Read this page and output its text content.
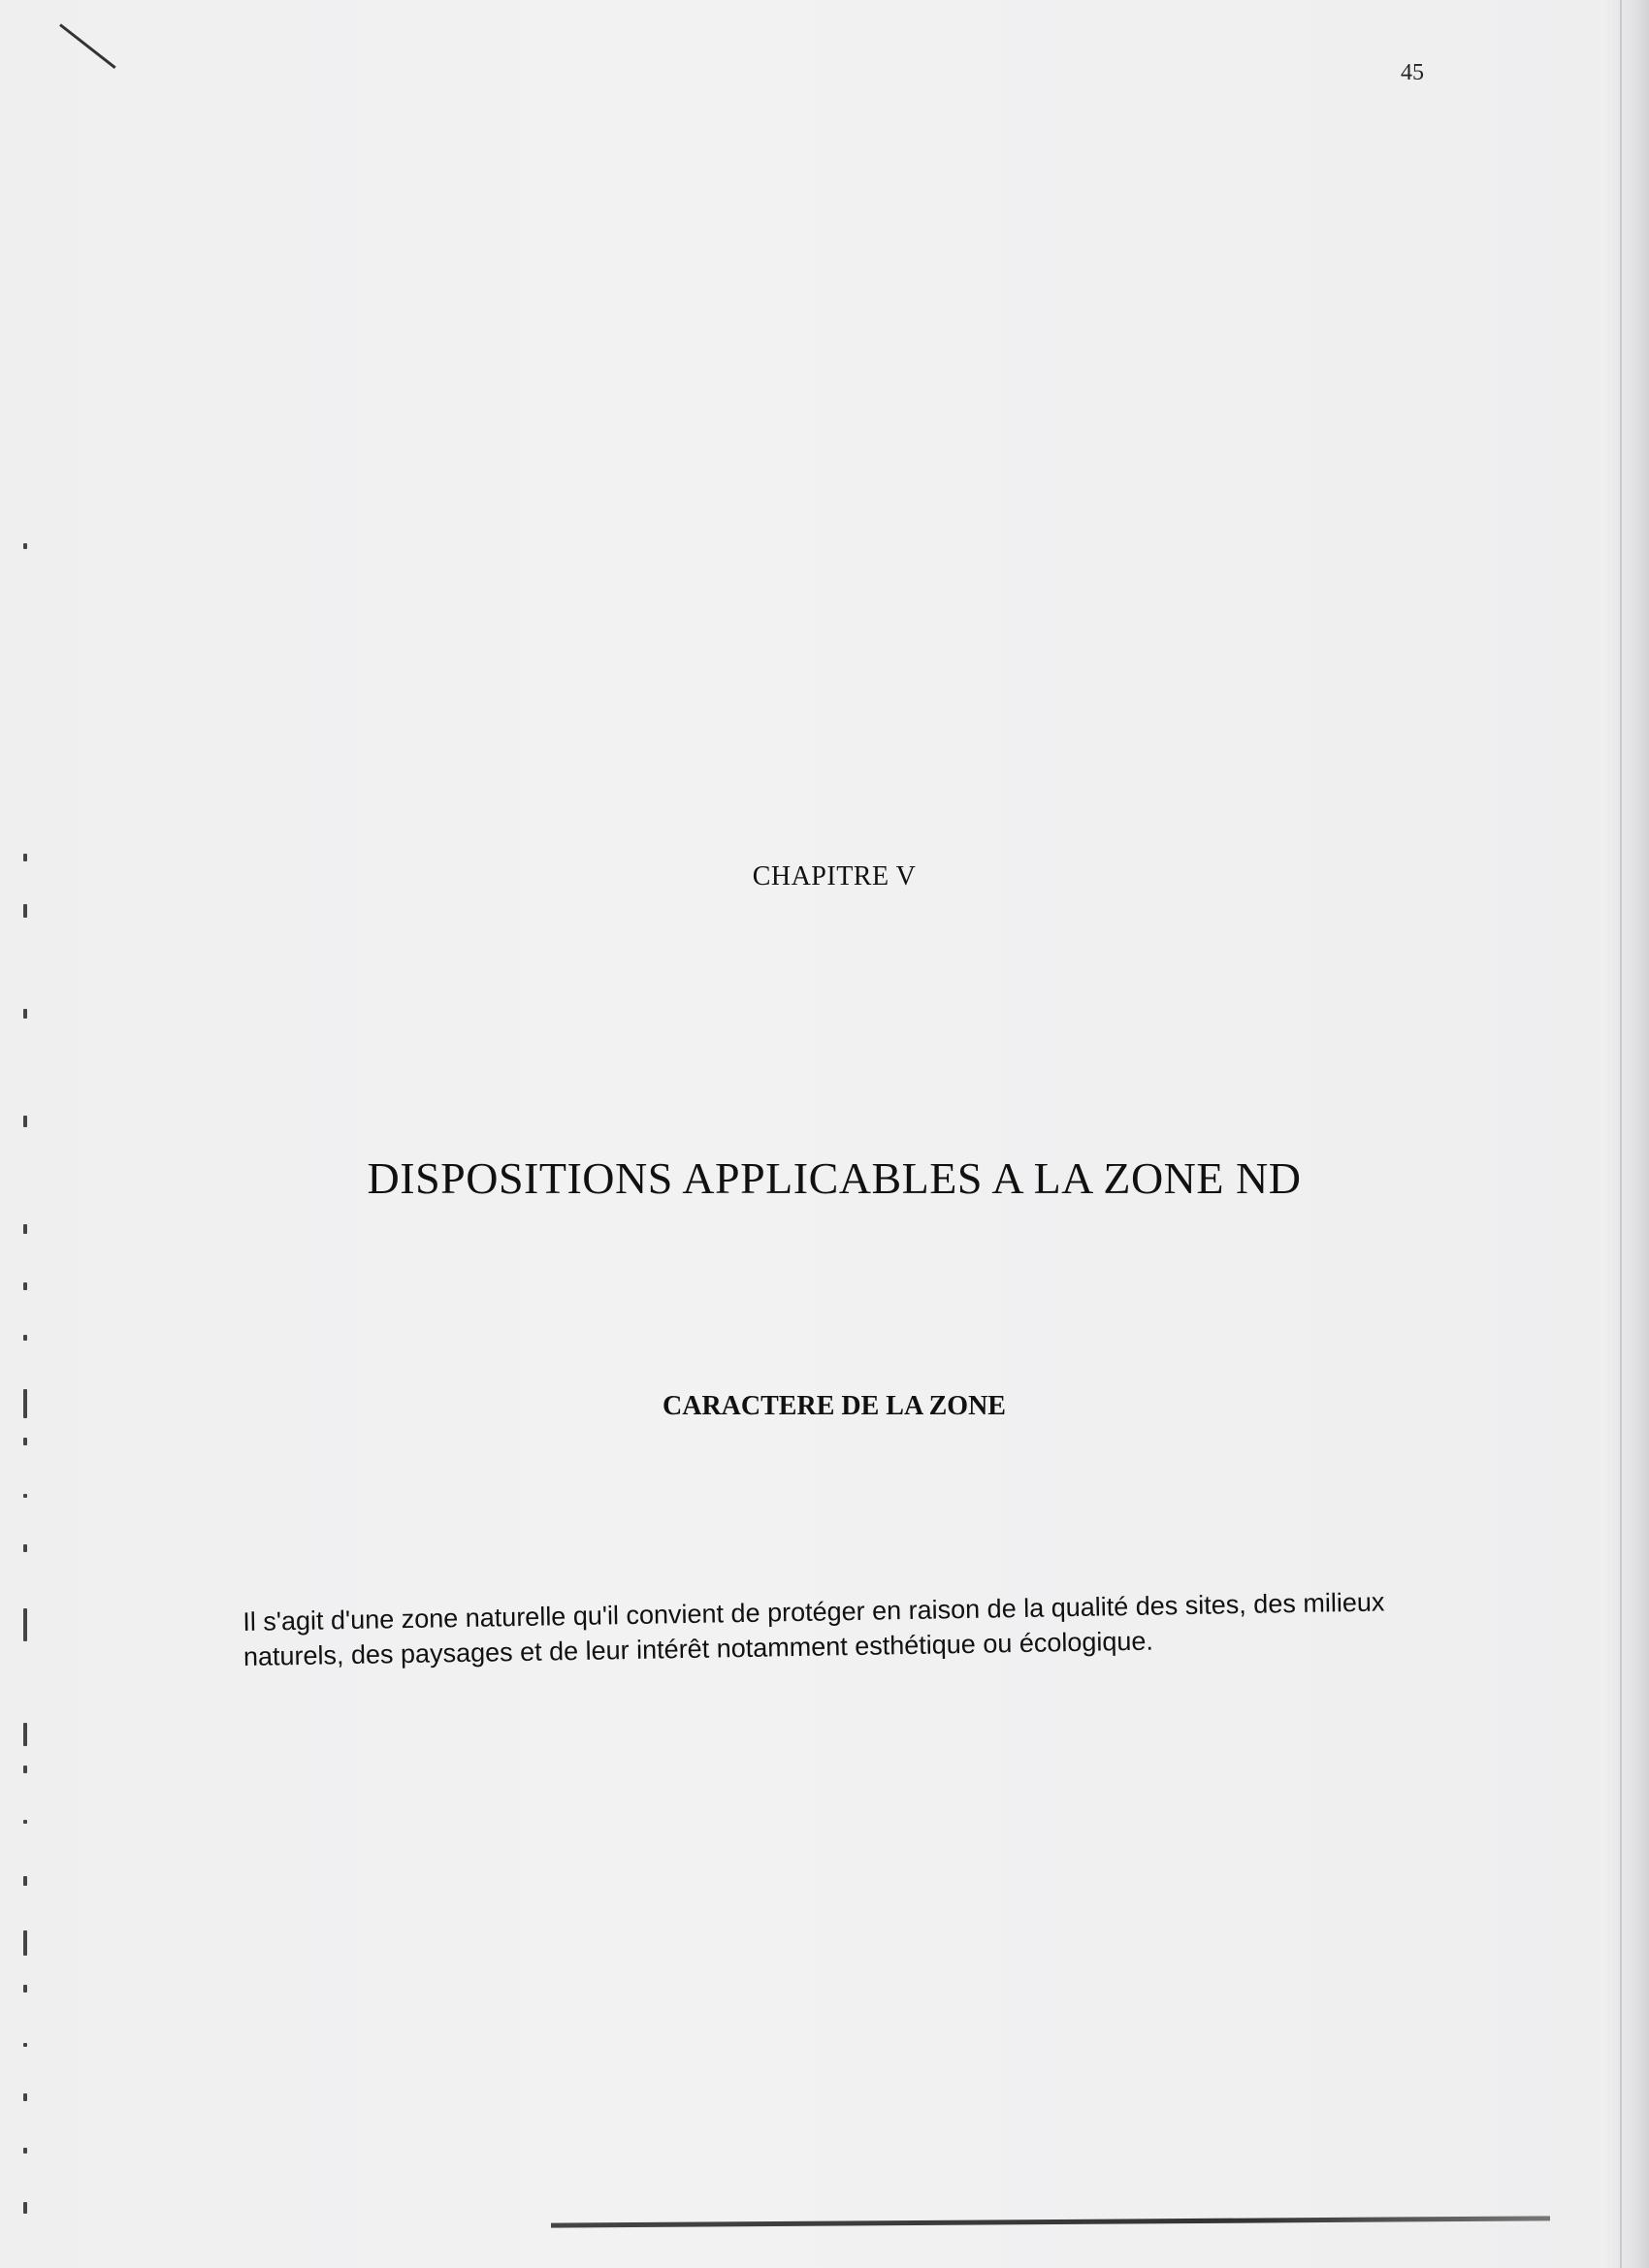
45
CHAPITRE V
DISPOSITIONS APPLICABLES A LA ZONE ND
CARACTERE DE LA ZONE
Il s'agit d'une zone naturelle qu'il convient de protéger en raison de la qualité des sites, des milieux naturels, des paysages et de leur intérêt notamment esthétique ou écologique.
